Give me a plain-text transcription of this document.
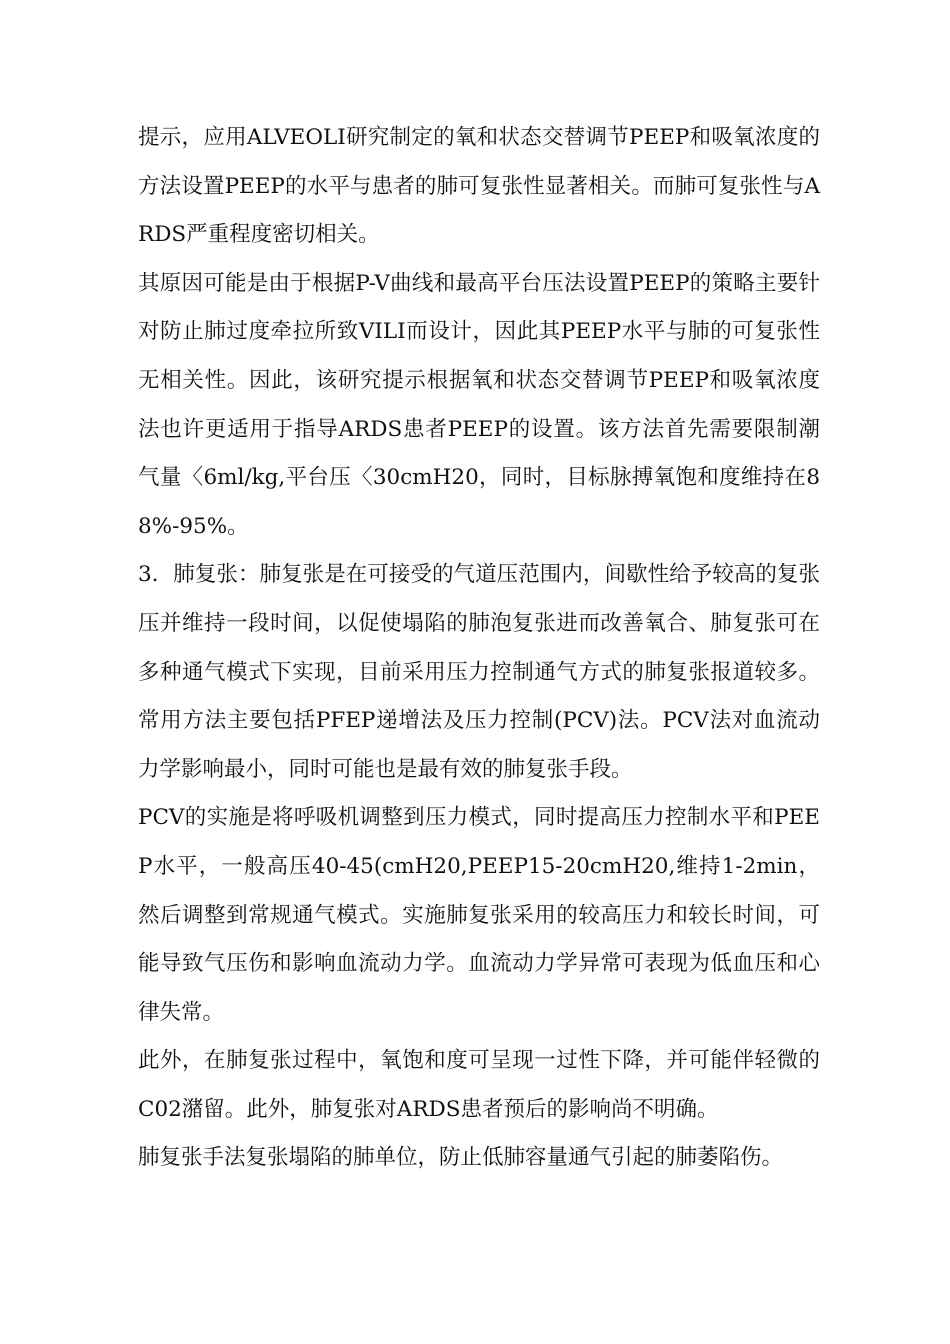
提示，应用ALVEOLI研究制定的氧和状态交替调节PEEP和吸氧浓度的方法设置PEEP的水平与患者的肺可复张性显著相关。而肺可复张性与ARDS严重程度密切相关。

其原因可能是由于根据P-V曲线和最高平台压法设置PEEP的策略主要针对防止肺过度牵拉所致VILI而设计，因此其PEEP水平与肺的可复张性无相关性。因此，该研究提示根据氧和状态交替调节PEEP和吸氧浓度法也许更适用于指导ARDS患者PEEP的设置。该方法首先需要限制潮气量〈6ml/kg,平台压〈30cmH20，同时，目标脉搏氧饱和度维持在88%-95%。

3．肺复张：肺复张是在可接受的气道压范围内，间歇性给予较高的复张压并维持一段时间，以促使塌陷的肺泡复张进而改善氧合、肺复张可在多种通气模式下实现，目前采用压力控制通气方式的肺复张报道较多。常用方法主要包括PFEP递增法及压力控制(PCV)法。PCV法对血流动力学影响最小，同时可能也是最有效的肺复张手段。

PCV的实施是将呼吸机调整到压力模式，同时提高压力控制水平和PEEP水平，一般高压40-45(cmH20,PEEP15-20cmH20,维持1-2min，然后调整到常规通气模式。实施肺复张采用的较高压力和较长时间，可能导致气压伤和影响血流动力学。血流动力学异常可表现为低血压和心律失常。

此外，在肺复张过程中，氧饱和度可呈现一过性下降，并可能伴轻微的C02潴留。此外，肺复张对ARDS患者预后的影响尚不明确。

肺复张手法复张塌陷的肺单位，防止低肺容量通气引起的肺萎陷伤。
